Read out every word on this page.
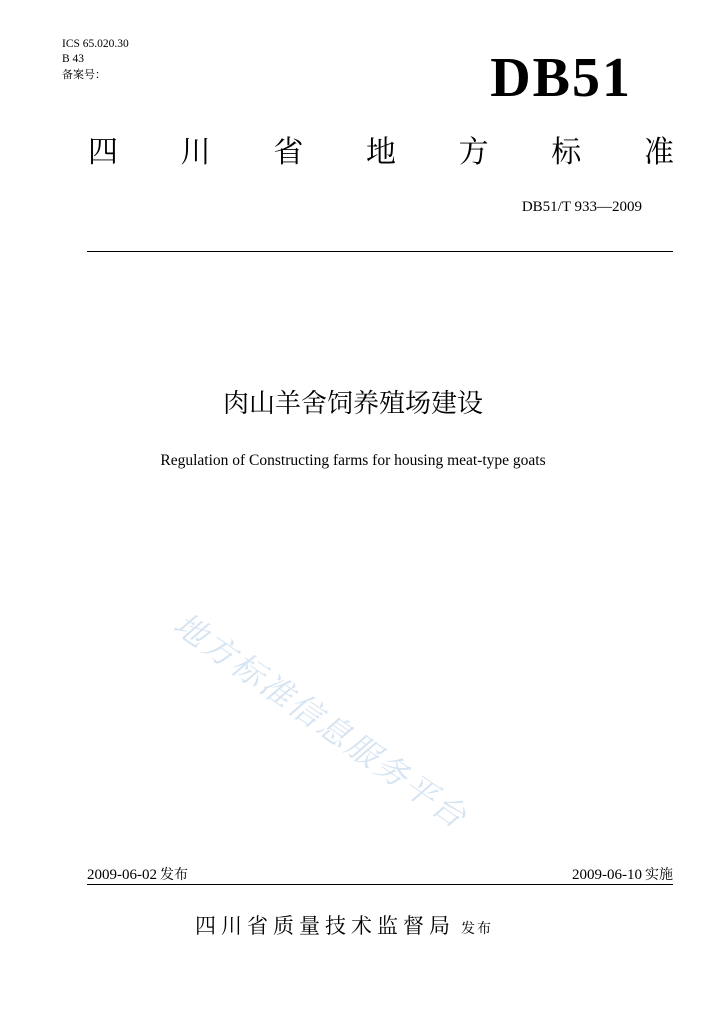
ICS 65.020.30
B 43
备案号：	DB51
四 川 省 地 方 标 准
DB51/T 933—2009
肉山羊舍饲养殖场建设
Regulation of Constructing farms for housing meat-type goats
地方标准信息服务平台
2009-06-02 发布	2009-06-10 实施
四川省质量技术监督局 发布
